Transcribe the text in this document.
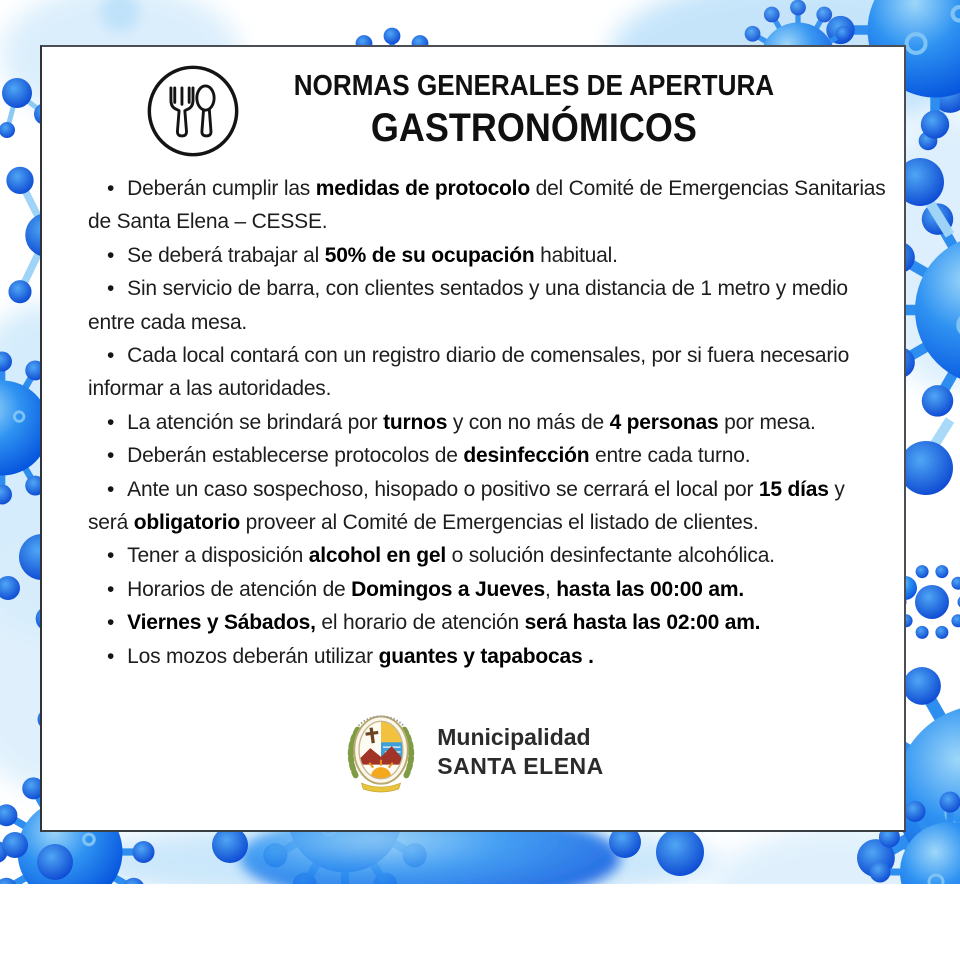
NORMAS GENERALES DE APERTURA
GASTRONÓMICOS
• Deberán cumplir las medidas de protocolo del Comité de Emergencias Sanitarias de Santa Elena – CESSE.
• Se deberá trabajar al 50% de su ocupación habitual.
• Sin servicio de barra, con clientes sentados y una distancia de 1 metro y medio entre cada mesa.
• Cada local contará con un registro diario de comensales, por si fuera necesario informar a las autoridades.
• La atención se brindará por turnos y con no más de 4 personas por mesa.
• Deberán establecerse protocolos de desinfección entre cada turno.
• Ante un caso sospechoso, hisopado o positivo se cerrará el local por 15 días y será obligatorio proveer al Comité de Emergencias el listado de clientes.
• Tener a disposición alcohol en gel o solución desinfectante alcohólica.
• Horarios de atención de Domingos a Jueves, hasta las 00:00 am.
• Viernes y Sábados, el horario de atención será hasta las 02:00 am.
• Los mozos deberán utilizar guantes y tapabocas .
Municipalidad
SANTA ELENA
